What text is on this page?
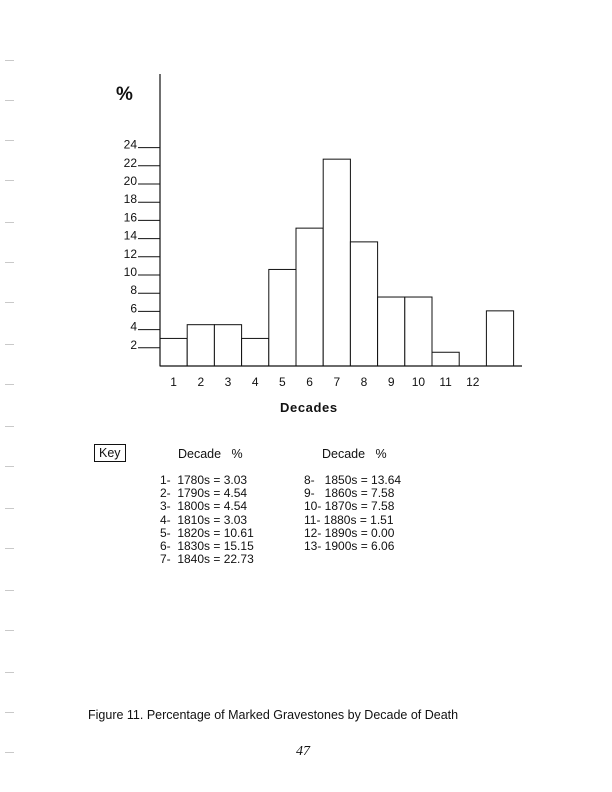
%
2
4
6
8
10
12
14
16
18
20
22
24
1 2 3 4 5 6 7 8 9 10 11 12
Decades
Key	Decade %	Decade %
1-  1780s = 3.03
2-  1790s = 4.54
3-  1800s = 4.54
4-  1810s = 3.03
5-  1820s = 10.61
6-  1830s = 15.15
7-  1840s = 22.73
8-   1850s = 13.64
9-   1860s = 7.58
10- 1870s = 7.58
11- 1880s = 1.51
12- 1890s = 0.00
13- 1900s = 6.06
Figure 11. Percentage of Marked Gravestones by Decade of Death
47
